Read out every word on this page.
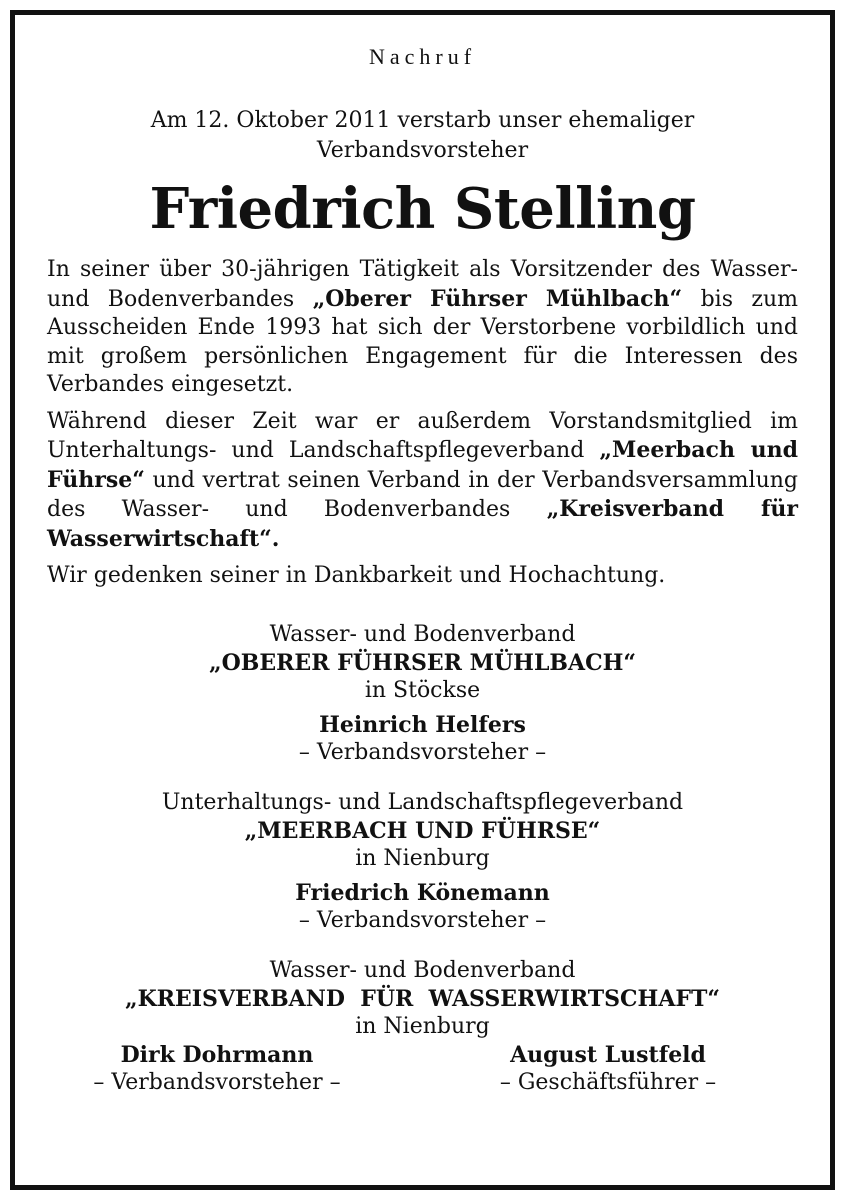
Nachruf
Am 12. Oktober 2011 verstarb unser ehemaliger
Verbandsvorsteher
Friedrich Stelling

In seiner über 30-jährigen Tätigkeit als Vorsitzender des Wasser- und Bodenverbandes „Oberer Führser Mühlbach“ bis zum Ausscheiden Ende 1993 hat sich der Verstorbene vorbildlich und mit großem persönlichen Engagement für die Interessen des Verbandes eingesetzt.

Während dieser Zeit war er außerdem Vorstandsmitglied im Unterhaltungs- und Landschaftspflegeverband „Meerbach und Führse“ und vertrat seinen Verband in der Verbandsversammlung des Wasser- und Bodenverbandes „Kreisverband für Wasserwirtschaft“.

Wir gedenken seiner in Dankbarkeit und Hochachtung.

Wasser- und Bodenverband
„OBERER FÜHRSER MÜHLBACH“
in Stöckse
Heinrich Helfers
– Verbandsvorsteher –
Unterhaltungs- und Landschaftspflegeverband
„MEERBACH UND FÜHRSE“
in Nienburg
Friedrich Könemann
– Verbandsvorsteher –
Wasser- und Bodenverband
„KREISVERBAND  FÜR  WASSERWIRTSCHAFT“
in Nienburg
Dirk Dohrmann
– Verbandsvorsteher –
August Lustfeld
– Geschäftsführer –
